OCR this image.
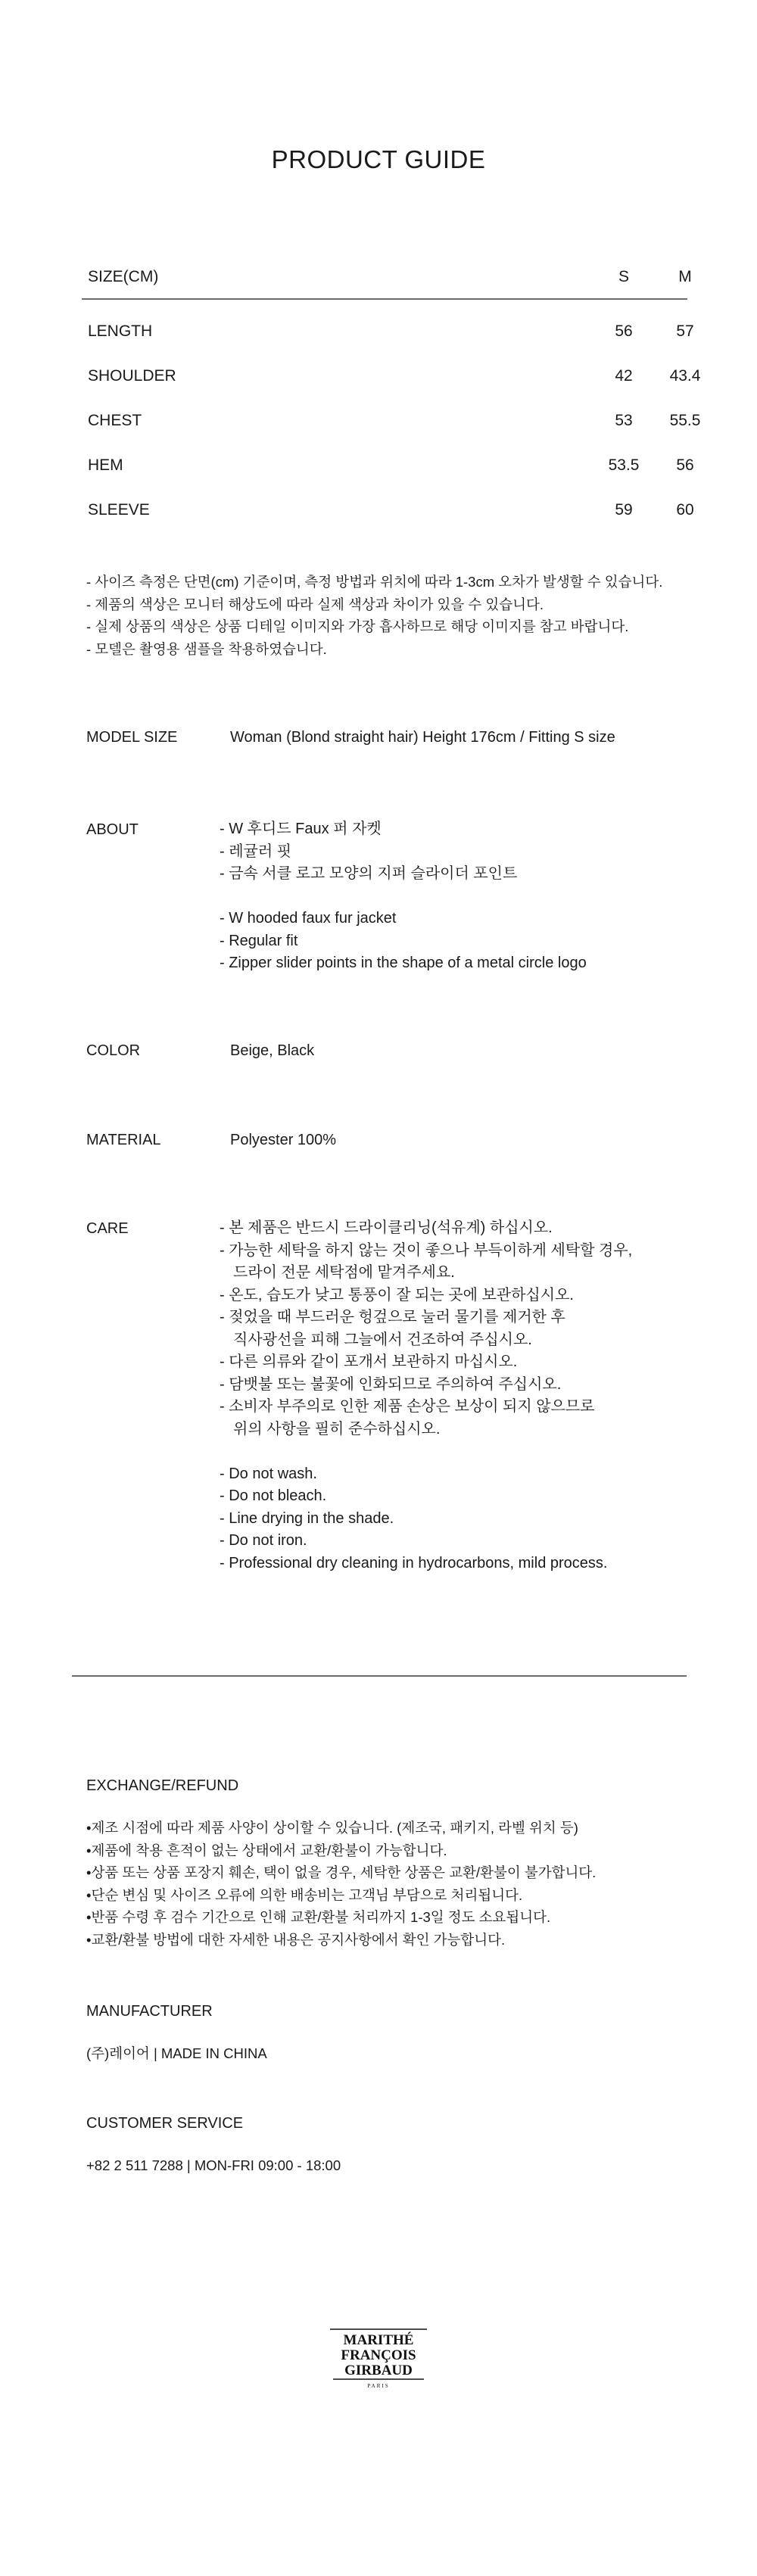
PRODUCT GUIDE
SIZE(CM)	S	M
LENGTH	56	57
SHOULDER	42	43.4
CHEST	53	55.5
HEM	53.5	56
SLEEVE	59	60
- 사이즈 측정은 단면(cm) 기준이며, 측정 방법과 위치에 따라 1-3cm 오차가 발생할 수 있습니다.
- 제품의 색상은 모니터 해상도에 따라 실제 색상과 차이가 있을 수 있습니다.
- 실제 상품의 색상은 상품 디테일 이미지와 가장 흡사하므로 해당 이미지를 참고 바랍니다.
- 모델은 촬영용 샘플을 착용하였습니다.
MODEL SIZE	Woman (Blond straight hair) Height 176cm / Fitting S size
ABOUT	- W 후디드 Faux 퍼 자켓
- 레귤러 핏
- 금속 서클 로고 모양의 지퍼 슬라이더 포인트
- W hooded faux fur jacket
- Regular fit
- Zipper slider points in the shape of a metal circle logo
COLOR	Beige, Black
MATERIAL	Polyester 100%
CARE	- 본 제품은 반드시 드라이클리닝(석유계) 하십시오.
- 가능한 세탁을 하지 않는 것이 좋으나 부득이하게 세탁할 경우,
드라이 전문 세탁점에 맡겨주세요.
- 온도, 습도가 낮고 통풍이 잘 되는 곳에 보관하십시오.
- 젖었을 때 부드러운 헝겊으로 눌러 물기를 제거한 후
직사광선을 피해 그늘에서 건조하여 주십시오.
- 다른 의류와 같이 포개서 보관하지 마십시오.
- 담뱃불 또는 불꽃에 인화되므로 주의하여 주십시오.
- 소비자 부주의로 인한 제품 손상은 보상이 되지 않으므로
위의 사항을 필히 준수하십시오.
- Do not wash.
- Do not bleach.
- Line drying in the shade.
- Do not iron.
- Professional dry cleaning in hydrocarbons, mild process.
EXCHANGE/REFUND
•제조 시점에 따라 제품 사양이 상이할 수 있습니다. (제조국, 패키지, 라벨 위치 등)
•제품에 착용 흔적이 없는 상태에서 교환/환불이 가능합니다.
•상품 또는 상품 포장지 훼손, 택이 없을 경우, 세탁한 상품은 교환/환불이 불가합니다.
•단순 변심 및 사이즈 오류에 의한 배송비는 고객님 부담으로 처리됩니다.
•반품 수령 후 검수 기간으로 인해 교환/환불 처리까지 1-3일 정도 소요됩니다.
•교환/환불 방법에 대한 자세한 내용은 공지사항에서 확인 가능합니다.
MANUFACTURER
(주)레이어 | MADE IN CHINA
CUSTOMER SERVICE
+82 2 511 7288 | MON-FRI 09:00 - 18:00
MARITHÉ
FRANÇOIS
GIRBAUD
PARIS
